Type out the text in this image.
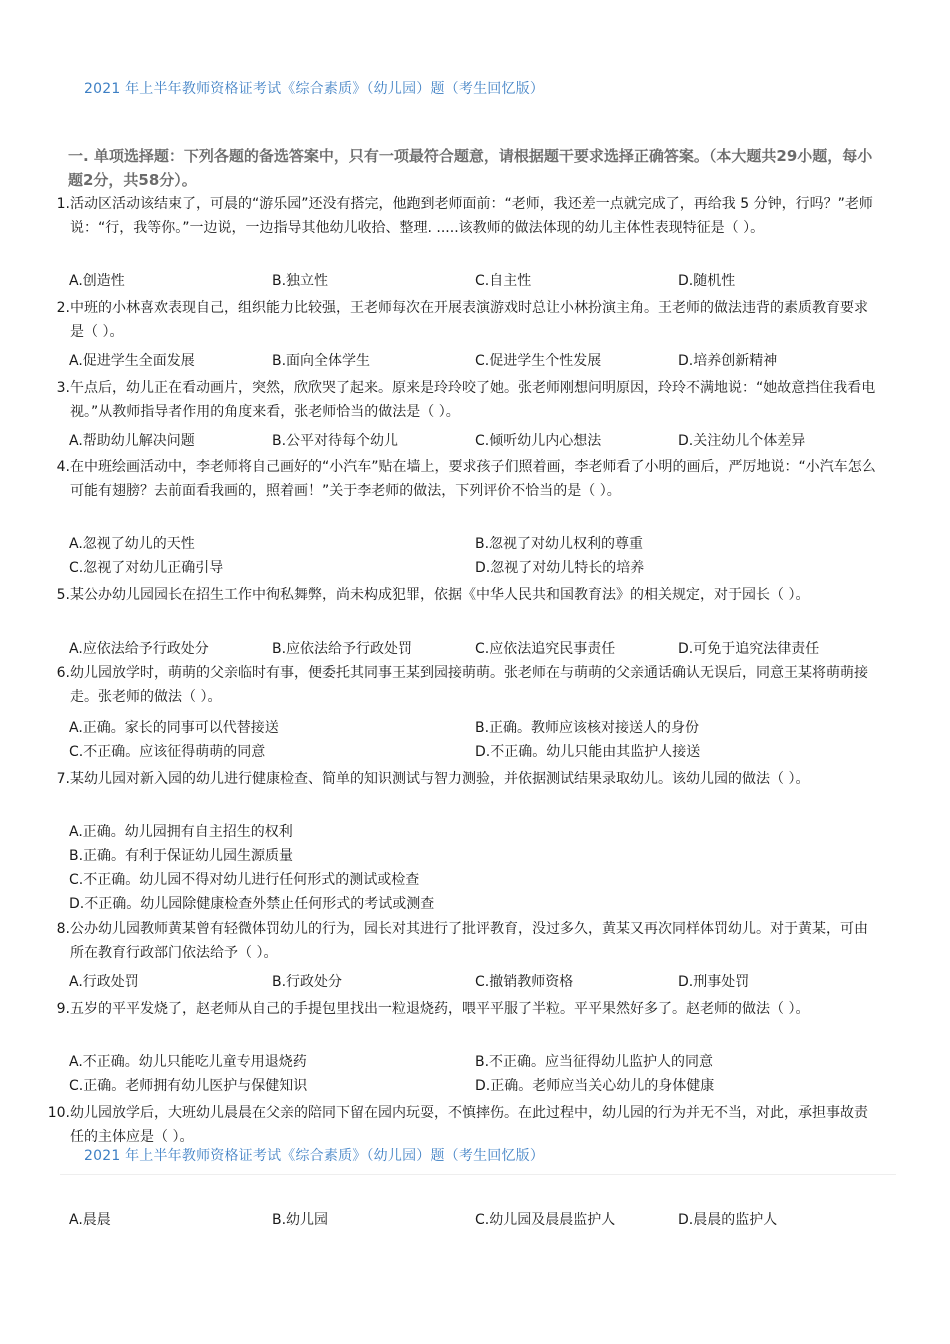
2021 年上半年教师资格证考试《综合素质》（幼儿园）题（考生回忆版）
一. 单项选择题：下列各题的备选答案中，只有一项最符合题意，请根据题干要求选择正确答案。（本大题共29小题，每小题2分，共58分）。
1. 活动区活动该结束了，可晨的“游乐园”还没有搭完，他跑到老师面前：“老师，我还差一点就完成了，再给我 5 分钟，行吗？”老师说：“行，我等你。”一边说，一边指导其他幼儿收拾、整理. .....该教师的做法体现的幼儿主体性表现特征是（ ）。
A.创造性	B.独立性	C.自主性	D.随机性
2. 中班的小林喜欢表现自己，组织能力比较强，王老师每次在开展表演游戏时总让小林扮演主角。王老师的做法违背的素质教育要求是（ ）。
A.促进学生全面发展	B.面向全体学生	C.促进学生个性发展	D.培养创新精神
3. 午点后，幼儿正在看动画片，突然，欣欣哭了起来。原来是玲玲咬了她。张老师刚想问明原因，玲玲不满地说：“她故意挡住我看电视。”从教师指导者作用的角度来看，张老师恰当的做法是（ ）。
A.帮助幼儿解决问题	B.公平对待每个幼儿	C.倾听幼儿内心想法	D.关注幼儿个体差异
4. 在中班绘画活动中，李老师将自己画好的“小汽车”贴在墙上，要求孩子们照着画，李老师看了小明的画后，严厉地说：“小汽车怎么可能有翅膀？去前面看我画的，照着画！”关于李老师的做法，下列评价不恰当的是（ ）。
A.忽视了幼儿的天性	B.忽视了对幼儿权利的尊重
C.忽视了对幼儿正确引导	D.忽视了对幼儿特长的培养
5. 某公办幼儿园园长在招生工作中徇私舞弊，尚未构成犯罪，依据《中华人民共和国教育法》的相关规定，对于园长（ ）。
A.应依法给予行政处分	B.应依法给予行政处罚	C.应依法追究民事责任	D.可免于追究法律责任
6. 幼儿园放学时，萌萌的父亲临时有事，便委托其同事王某到园接萌萌。张老师在与萌萌的父亲通话确认无误后，同意王某将萌萌接走。张老师的做法（ ）。
A.正确。家长的同事可以代替接送	B.正确。教师应该核对接送人的身份
C.不正确。应该征得萌萌的同意	D.不正确。幼儿只能由其监护人接送
7. 某幼儿园对新入园的幼儿进行健康检查、简单的知识测试与智力测验，并依据测试结果录取幼儿。该幼儿园的做法（ ）。
A.正确。幼儿园拥有自主招生的权利
B.正确。有利于保证幼儿园生源质量
C.不正确。幼儿园不得对幼儿进行任何形式的测试或检查
D.不正确。幼儿园除健康检查外禁止任何形式的考试或测查
8. 公办幼儿园教师黄某曾有轻微体罚幼儿的行为，园长对其进行了批评教育，没过多久，黄某又再次同样体罚幼儿。对于黄某，可由所在教育行政部门依法给予（ ）。
A.行政处罚	B.行政处分	C.撤销教师资格	D.刑事处罚
9. 五岁的平平发烧了，赵老师从自己的手提包里找出一粒退烧药，喂平平服了半粒。平平果然好多了。赵老师的做法（ ）。
A.不正确。幼儿只能吃儿童专用退烧药	B.不正确。应当征得幼儿监护人的同意
C.正确。老师拥有幼儿医护与保健知识	D.正确。老师应当关心幼儿的身体健康
10. 幼儿园放学后，大班幼儿晨晨在父亲的陪同下留在园内玩耍，不慎摔伤。在此过程中，幼儿园的行为并无不当，对此，承担事故责任的主体应是（ ）。
2021 年上半年教师资格证考试《综合素质》（幼儿园）题（考生回忆版）
A.晨晨	B.幼儿园	C.幼儿园及晨晨监护人	D.晨晨的监护人
